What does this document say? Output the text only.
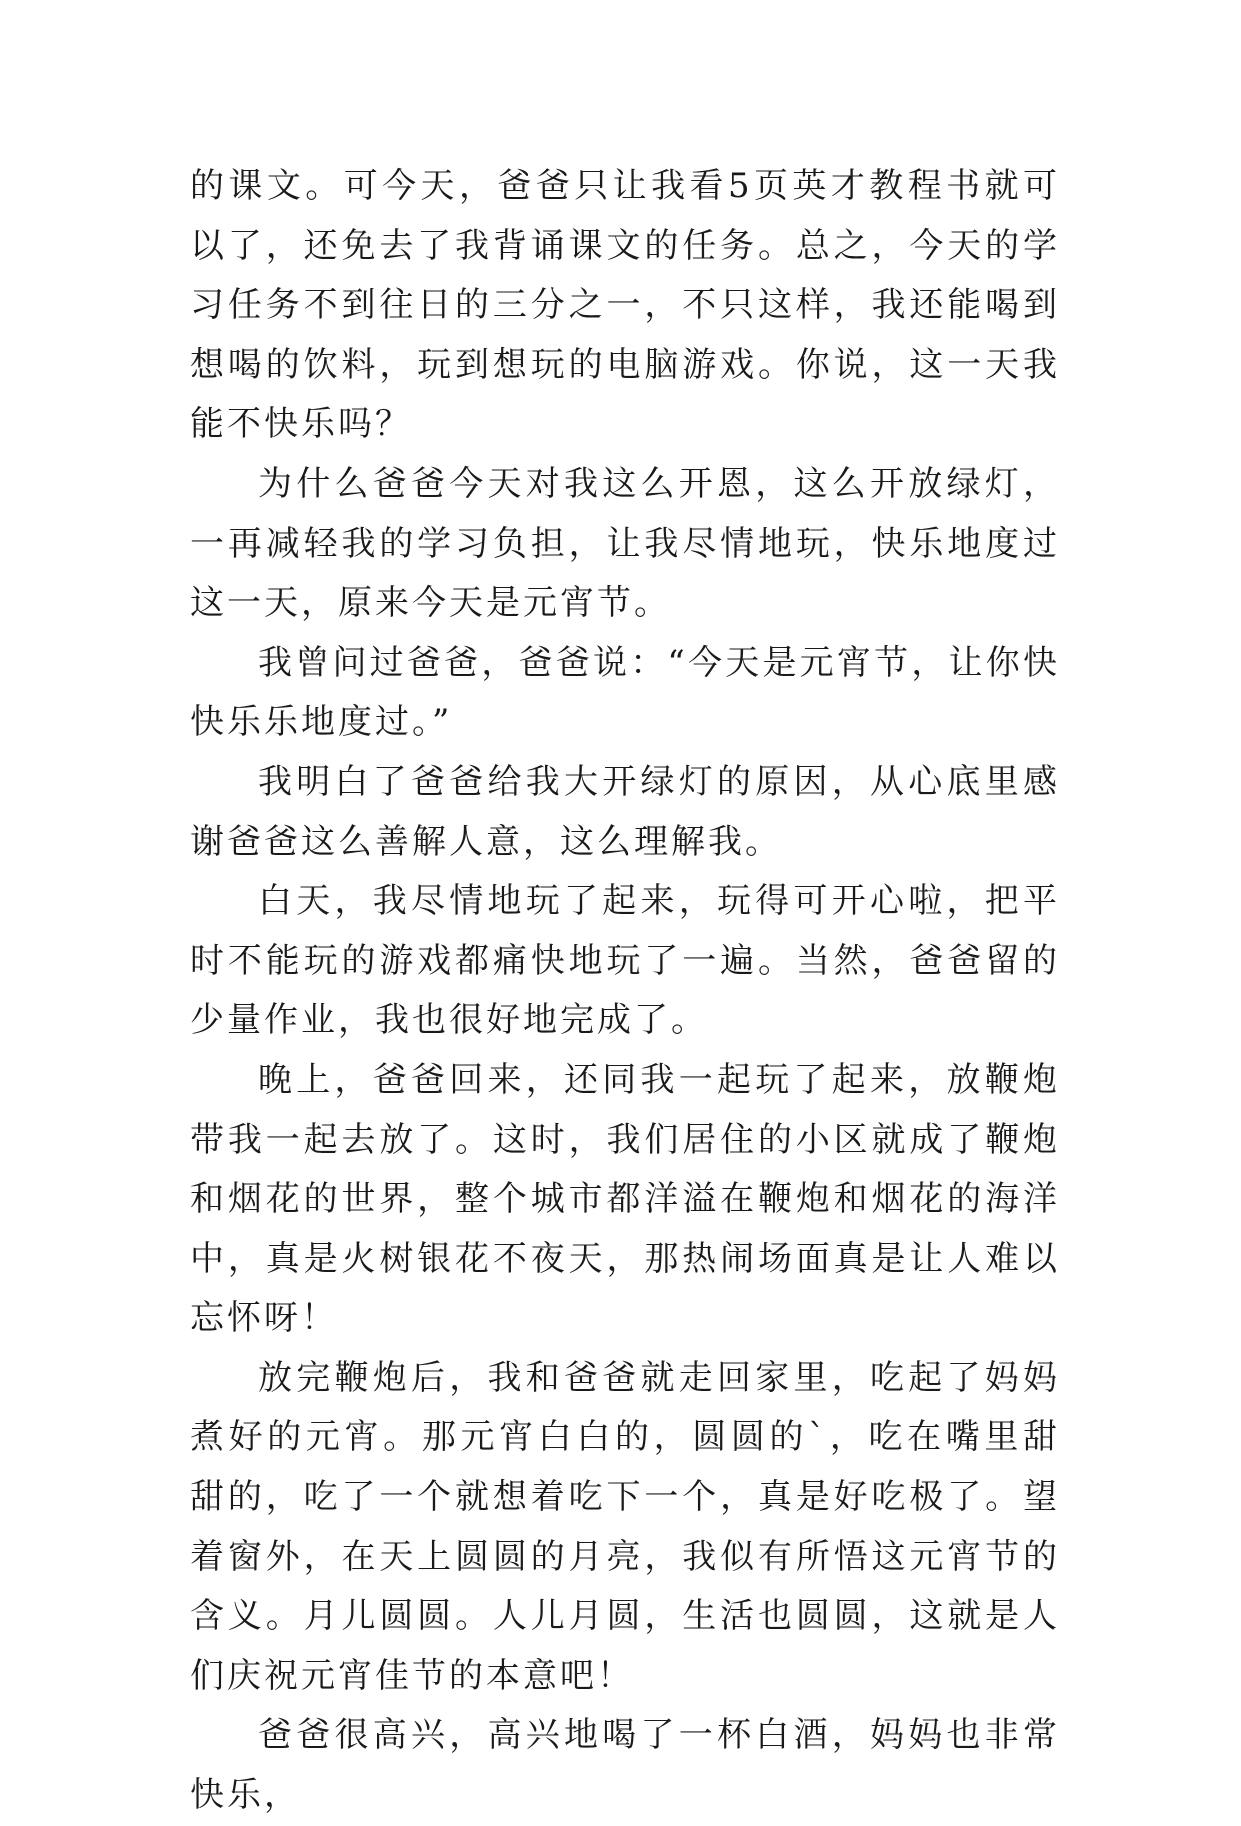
的课文。可今天，爸爸只让我看5页英才教程书就可以了，还免去了我背诵课文的任务。总之，今天的学习任务不到往日的三分之一，不只这样，我还能喝到想喝的饮料，玩到想玩的电脑游戏。你说，这一天我能不快乐吗？

为什么爸爸今天对我这么开恩，这么开放绿灯，一再减轻我的学习负担，让我尽情地玩，快乐地度过这一天，原来今天是元宵节。

我曾问过爸爸，爸爸说：“今天是元宵节，让你快快乐乐地度过。”

我明白了爸爸给我大开绿灯的原因，从心底里感谢爸爸这么善解人意，这么理解我。

白天，我尽情地玩了起来，玩得可开心啦，把平时不能玩的游戏都痛快地玩了一遍。当然，爸爸留的少量作业，我也很好地完成了。

晚上，爸爸回来，还同我一起玩了起来，放鞭炮带我一起去放了。这时，我们居住的小区就成了鞭炮和烟花的世界，整个城市都洋溢在鞭炮和烟花的海洋中，真是火树银花不夜天，那热闹场面真是让人难以忘怀呀！

放完鞭炮后，我和爸爸就走回家里，吃起了妈妈煮好的元宵。那元宵白白的，圆圆的`，吃在嘴里甜甜的，吃了一个就想着吃下一个，真是好吃极了。望着窗外，在天上圆圆的月亮，我似有所悟这元宵节的含义。月儿圆圆。人儿月圆，生活也圆圆，这就是人们庆祝元宵佳节的本意吧！

爸爸很高兴，高兴地喝了一杯白酒，妈妈也非常快乐，
